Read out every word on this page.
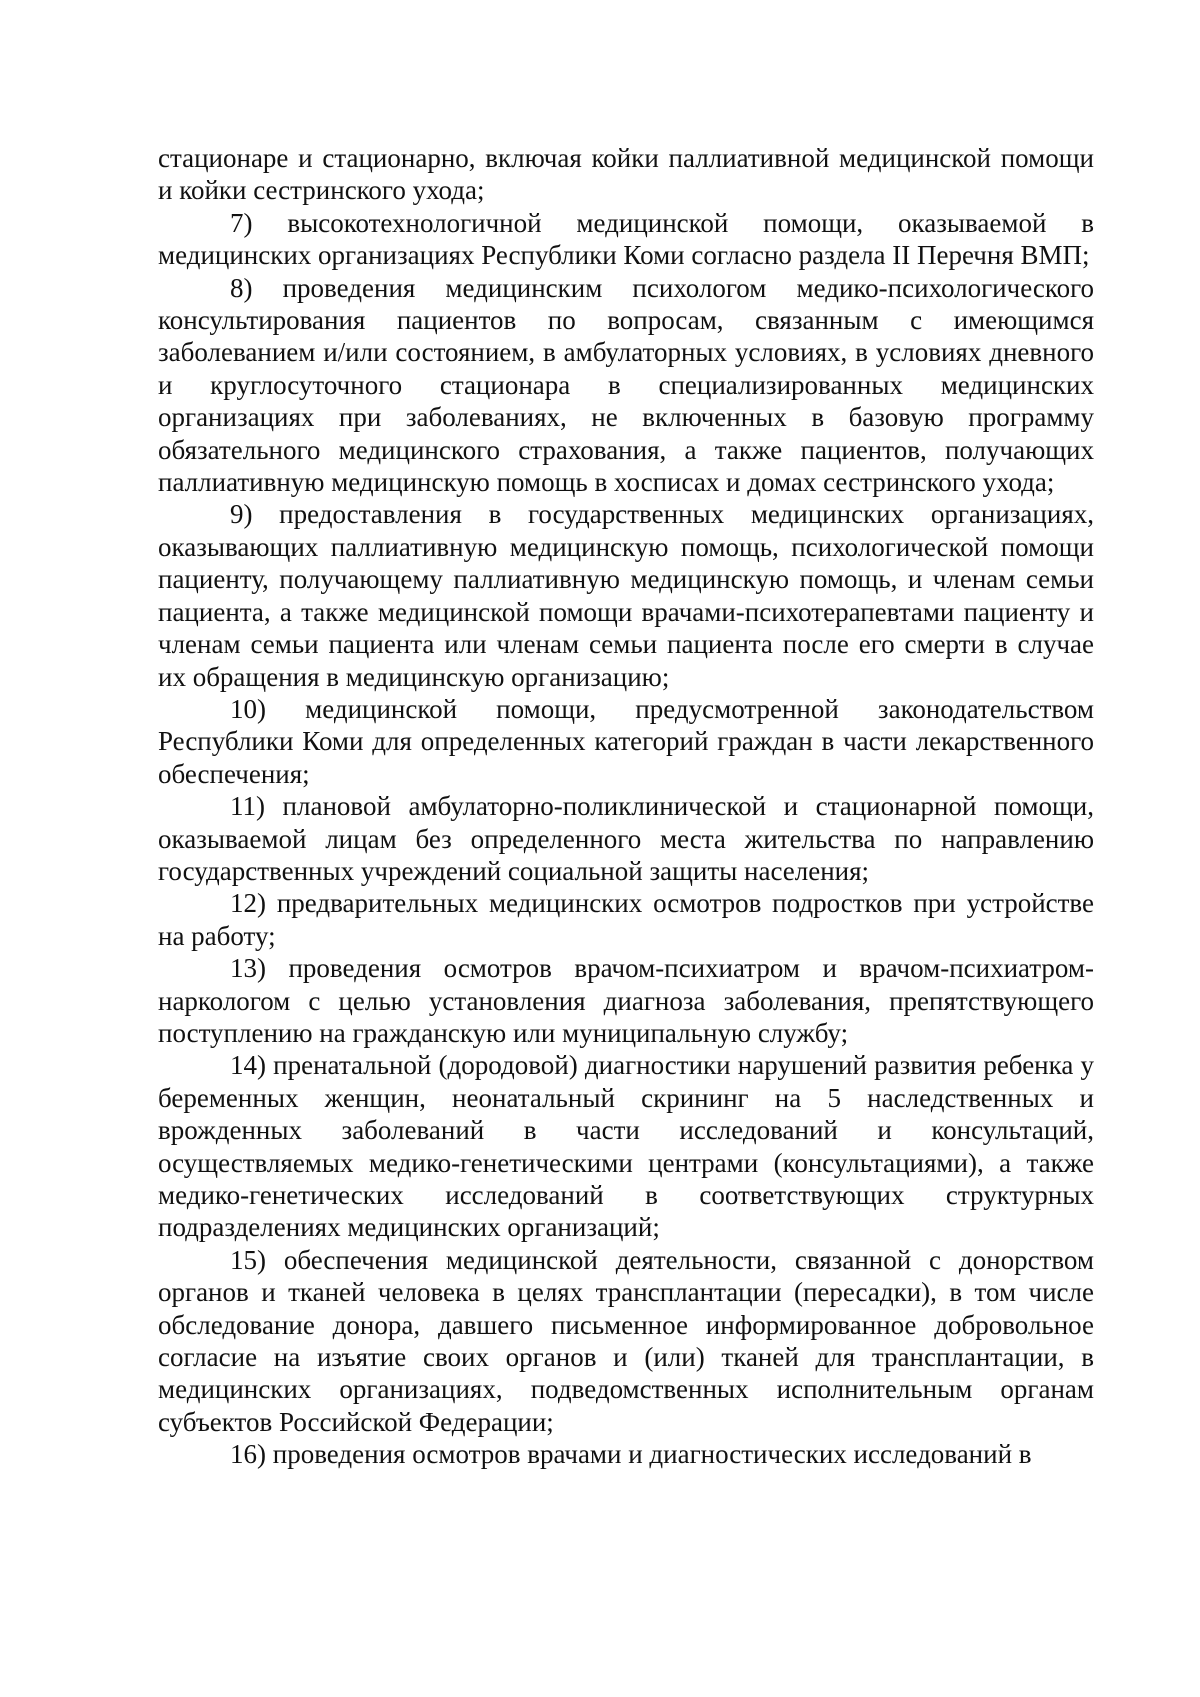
стационаре и стационарно, включая койки паллиативной медицинской помощи и койки сестринского ухода;

7) высокотехнологичной медицинской помощи, оказываемой в медицинских организациях Республики Коми согласно раздела II Перечня ВМП;

8) проведения медицинским психологом медико-психологического консультирования пациентов по вопросам, связанным с имеющимся заболеванием и/или состоянием, в амбулаторных условиях, в условиях дневного и круглосуточного стационара в специализированных медицинских организациях при заболеваниях, не включенных в базовую программу обязательного медицинского страхования, а также пациентов, получающих паллиативную медицинскую помощь в хосписах и домах сестринского ухода;

9) предоставления в государственных медицинских организациях, оказывающих паллиативную медицинскую помощь, психологической помощи пациенту, получающему паллиативную медицинскую помощь, и членам семьи пациента, а также медицинской помощи врачами-психотерапевтами пациенту и членам семьи пациента или членам семьи пациента после его смерти в случае их обращения в медицинскую организацию;

10) медицинской помощи, предусмотренной законодательством Республики Коми для определенных категорий граждан в части лекарственного обеспечения;

11) плановой амбулаторно-поликлинической и стационарной помощи, оказываемой лицам без определенного места жительства по направлению государственных учреждений социальной защиты населения;

12) предварительных медицинских осмотров подростков при устройстве на работу;

13) проведения осмотров врачом-психиатром и врачом-психиатром-наркологом с целью установления диагноза заболевания, препятствующего поступлению на гражданскую или муниципальную службу;

14) пренатальной (дородовой) диагностики нарушений развития ребенка у беременных женщин, неонатальный скрининг на 5 наследственных и врожденных заболеваний в части исследований и консультаций, осуществляемых медико-генетическими центрами (консультациями), а также медико-генетических исследований в соответствующих структурных подразделениях медицинских организаций;

15) обеспечения медицинской деятельности, связанной с донорством органов и тканей человека в целях трансплантации (пересадки), в том числе обследование донора, давшего письменное информированное добровольное согласие на изъятие своих органов и (или) тканей для трансплантации, в медицинских организациях, подведомственных исполнительным органам субъектов Российской Федерации;

16) проведения осмотров врачами и диагностических исследований в
